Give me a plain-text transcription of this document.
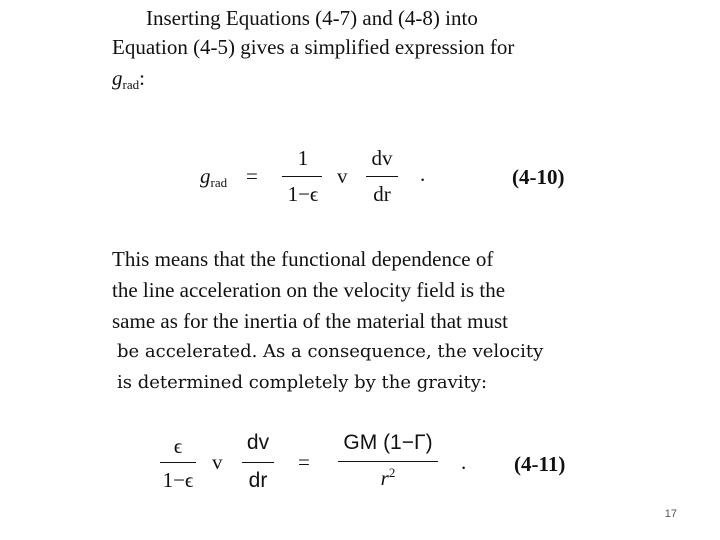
Inserting Equations (4-7) and (4-8) into
Equation (4-5) gives a simplified expression for
grad:
grad =
1
1−ϵ
v
dv
dr
.	(4-10)
This means that the functional dependence of
the line acceleration on the velocity field is the
same as for the inertia of the material that must
be accelerated. As a consequence, the velocity
is determined completely by the gravity:
ϵ
1−ϵ
v
dv
dr
=
GM (1−Γ)
$r^2$	. (4-11)
17
